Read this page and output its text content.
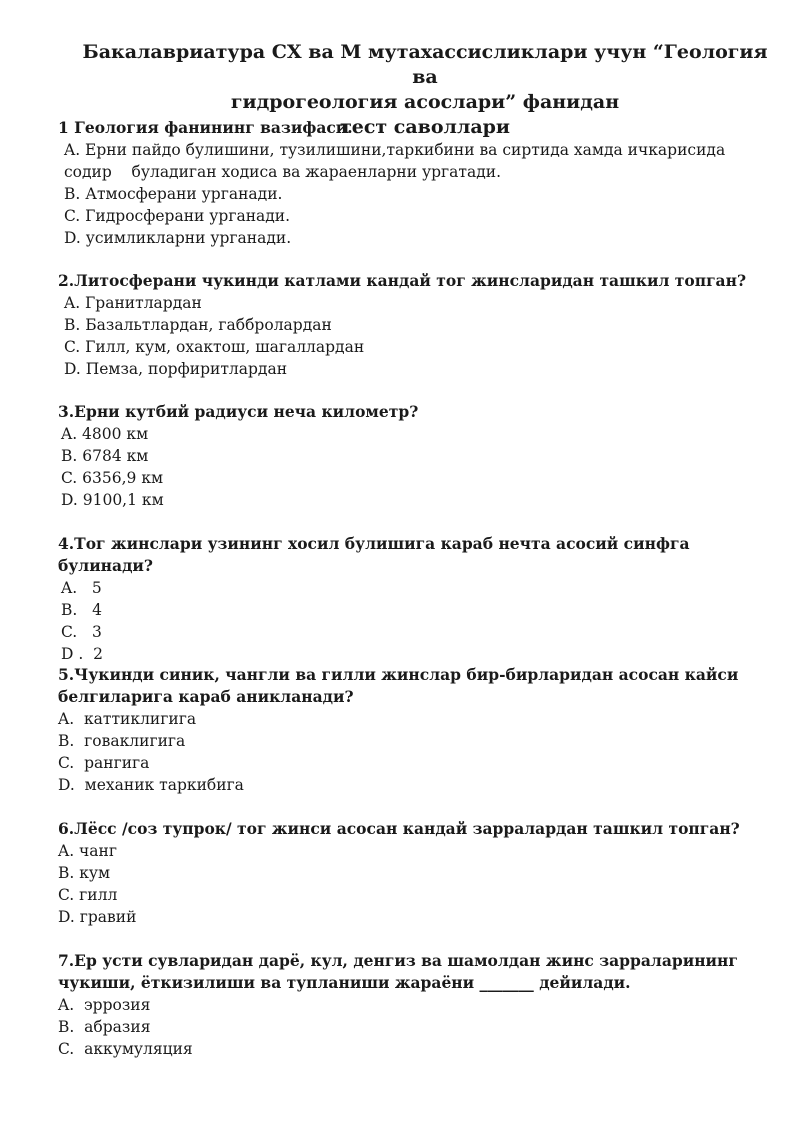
Бакалавриатура СХ ва М мутахассисликлари учун “Геология ва
гидрогеология асослари” фанидан
тест саволлари

1 Геология фанининг вазифаси.

A. Ерни пайдо булишини, тузилишини,таркибини ва сиртида хамда ичкарисида

содир    буладиган ходиса ва жараенларни ургатади.

B. Атмосферани урганади.

C. Гидросферани урганади.

D. усимликларни урганади.

2.Литосферани чукинди катлами кандай тог жинсларидан ташкил топган?

A. Гранитлардан

B. Базальтлардан, габбролардан

C. Гилл, кум, охактош, шагаллардан

D. Пемза, порфиритлардан

3.Ерни кутбий радиуси неча километр?

A. 4800 км

B. 6784 км

C. 6356,9 км

D. 9100,1 км

4.Тог жинслари узининг хосил булишига караб нечта асосий синфга булинади?

A.   5

B.   4

C.   3

D .  2

5.Чукинди синик, чангли ва гилли жинслар бир-бирларидан асосан кайси

белгиларига караб аникланади?

A.  каттиклигига

B.  говаклигига

C.  рангига

D.  механик таркибига

6.Лёсс /соз тупрок/ тог жинси асосан кандай зарралардан ташкил топган?

A. чанг

B. кум

C. гилл

D. гравий

7.Ер усти сувларидан дарё, кул, денгиз ва шамолдан жинс зарраларининг

чукиши, ёткизилиши ва тупланиши жараёни _______ дейилади.

A.  эррозия

B.  абразия

C.  аккумуляция
